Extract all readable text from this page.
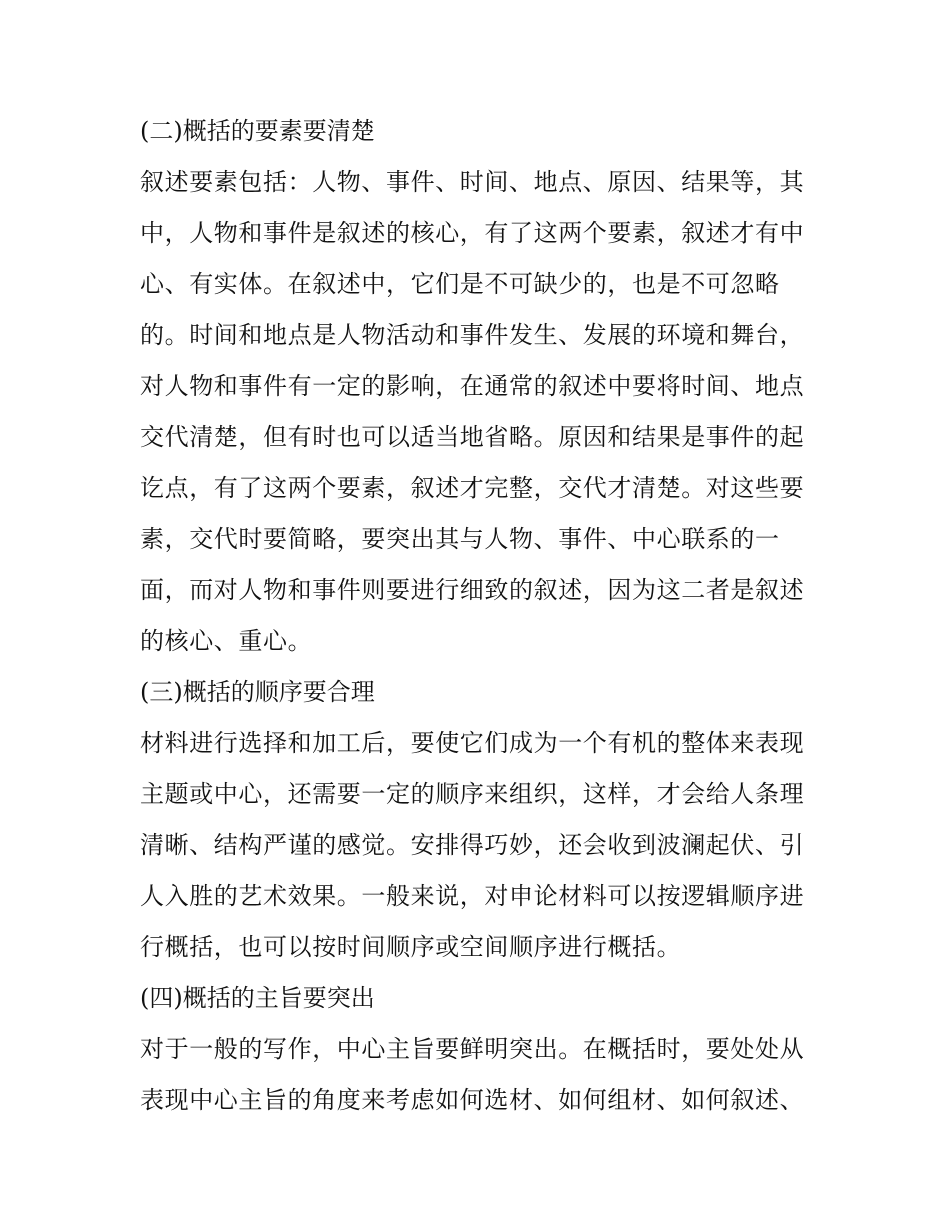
(二)概括的要素要清楚
叙述要素包括：人物、事件、时间、地点、原因、结果等，其
中，人物和事件是叙述的核心，有了这两个要素，叙述才有中
心、有实体。在叙述中，它们是不可缺少的，也是不可忽略
的。时间和地点是人物活动和事件发生、发展的环境和舞台，
对人物和事件有一定的影响，在通常的叙述中要将时间、地点
交代清楚，但有时也可以适当地省略。原因和结果是事件的起
讫点，有了这两个要素，叙述才完整，交代才清楚。对这些要
素，交代时要简略，要突出其与人物、事件、中心联系的一
面，而对人物和事件则要进行细致的叙述，因为这二者是叙述
的核心、重心。
(三)概括的顺序要合理
材料进行选择和加工后，要使它们成为一个有机的整体来表现
主题或中心，还需要一定的顺序来组织，这样，才会给人条理
清晰、结构严谨的感觉。安排得巧妙，还会收到波澜起伏、引
人入胜的艺术效果。一般来说，对申论材料可以按逻辑顺序进
行概括，也可以按时间顺序或空间顺序进行概括。
(四)概括的主旨要突出
对于一般的写作，中心主旨要鲜明突出。在概括时，要处处从
表现中心主旨的角度来考虑如何选材、如何组材、如何叙述、
